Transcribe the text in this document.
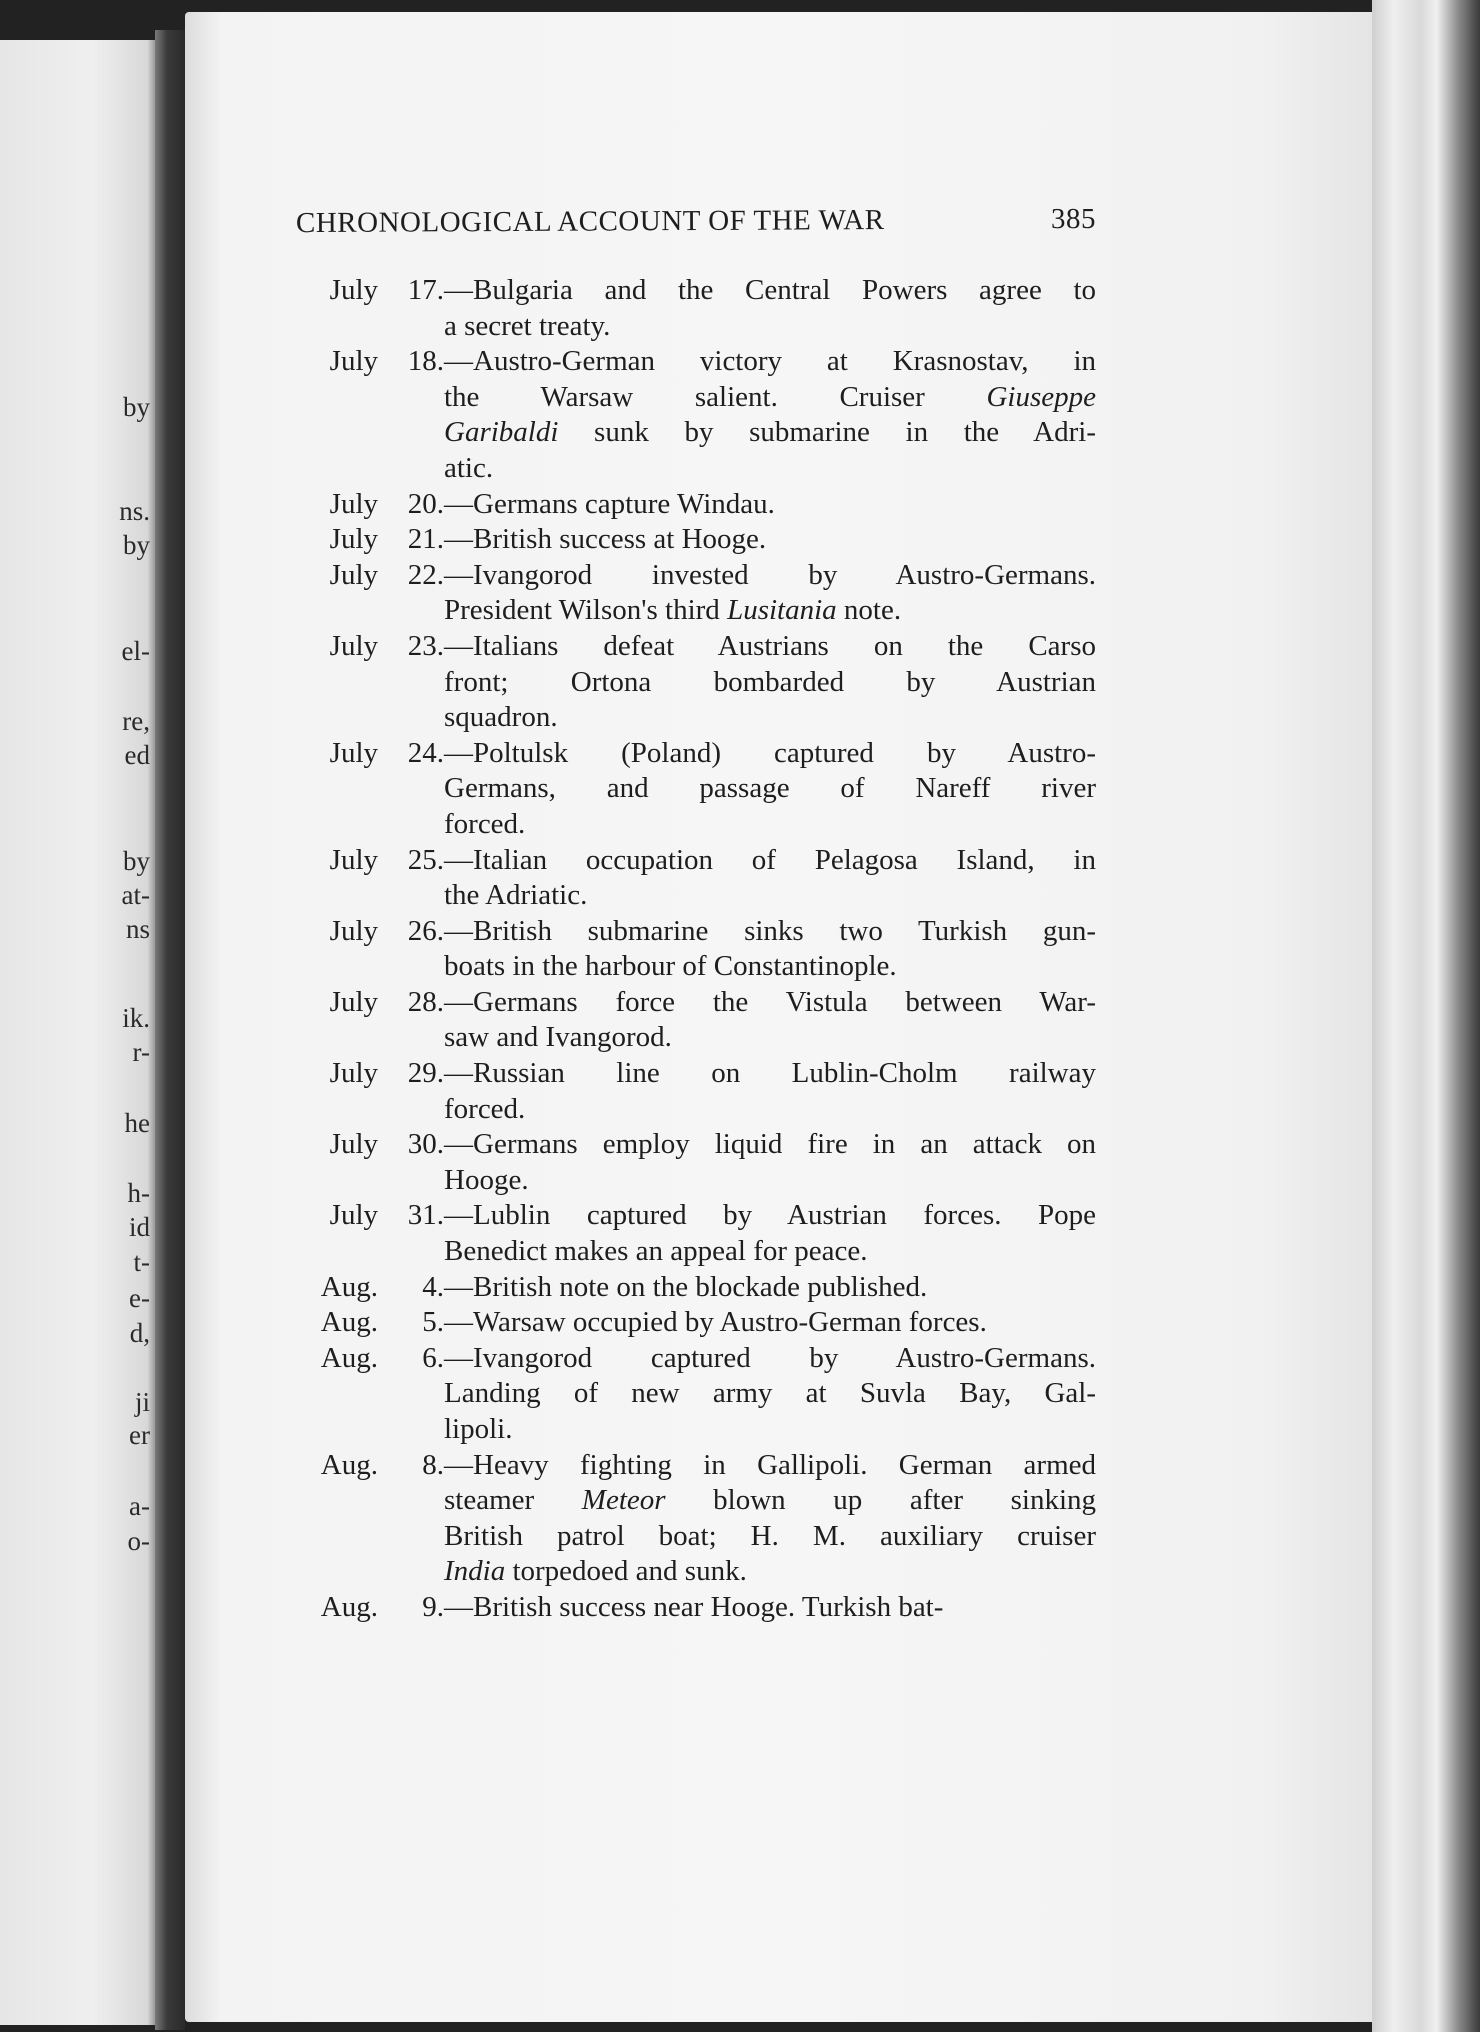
by
ns.
by
el-
re,
ed
by
at-
ns
ik.
r-
he
h-
id
t-
e-
d,
ji
er
a-
o-
CHRONOLOGICAL ACCOUNT OF THE WAR	385
July	17. —Bulgaria and the Central Powers agree to
a secret treaty.
July	18. —Austro-German victory at Krasnostav, in
the Warsaw salient. Cruiser Giuseppe
Garibaldi sunk by submarine in the Adri-
atic.
July	20. —Germans capture Windau.
July	21. —British success at Hooge.
July	22. —Ivangorod invested by Austro-Germans.
President Wilson's third Lusitania note.
July	23. —Italians defeat Austrians on the Carso
front; Ortona bombarded by Austrian
squadron.
July	24. —Poltulsk (Poland) captured by Austro-
Germans, and passage of Nareff river
forced.
July	25. —Italian occupation of Pelagosa Island, in
the Adriatic.
July	26. —British submarine sinks two Turkish gun-
boats in the harbour of Constantinople.
July	28. —Germans force the Vistula between War-
saw and Ivangorod.
July	29. —Russian line on Lublin-Cholm railway
forced.
July	30. —Germans employ liquid fire in an attack on
Hooge.
July	31. —Lublin captured by Austrian forces. Pope
Benedict makes an appeal for peace.
Aug.	4. —British note on the blockade published.
Aug.	5. —Warsaw occupied by Austro-German forces.
Aug.	6. —Ivangorod captured by Austro-Germans.
Landing of new army at Suvla Bay, Gal-
lipoli.
Aug.	8. —Heavy fighting in Gallipoli. German armed
steamer Meteor blown up after sinking
British patrol boat; H. M. auxiliary cruiser
India torpedoed and sunk.
Aug.	9. —British success near Hooge. Turkish bat-
